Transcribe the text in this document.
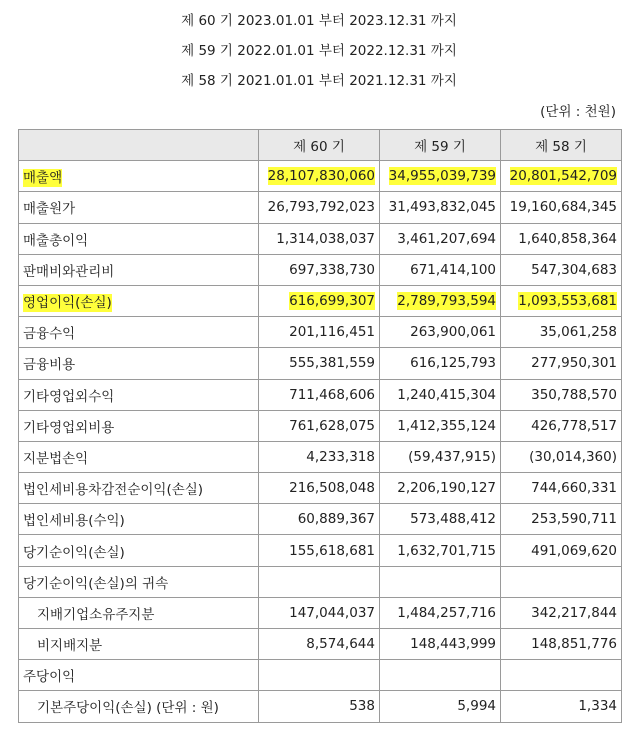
제 60 기 2023.01.01 부터 2023.12.31 까지
제 59 기 2022.01.01 부터 2022.12.31 까지
제 58 기 2021.01.01 부터 2021.12.31 까지
(단위 : 천원)
	제 60 기	제 59 기	제 58 기
매출액	28,107,830,060	34,955,039,739	20,801,542,709
매출원가	26,793,792,023	31,493,832,045	19,160,684,345
매출총이익	1,314,038,037	3,461,207,694	1,640,858,364
판매비와관리비	697,338,730	671,414,100	547,304,683
영업이익(손실)	616,699,307	2,789,793,594	1,093,553,681
금융수익	201,116,451	263,900,061	35,061,258
금융비용	555,381,559	616,125,793	277,950,301
기타영업외수익	711,468,606	1,240,415,304	350,788,570
기타영업외비용	761,628,075	1,412,355,124	426,778,517
지분법손익	4,233,318	(59,437,915)	(30,014,360)
법인세비용차감전순이익(손실)	216,508,048	2,206,190,127	744,660,331
법인세비용(수익)	60,889,367	573,488,412	253,590,711
당기순이익(손실)	155,618,681	1,632,701,715	491,069,620
당기순이익(손실)의 귀속			
지배기업소유주지분	147,044,037	1,484,257,716	342,217,844
비지배지분	8,574,644	148,443,999	148,851,776
주당이익			
기본주당이익(손실) (단위 : 원)	538	5,994	1,334
